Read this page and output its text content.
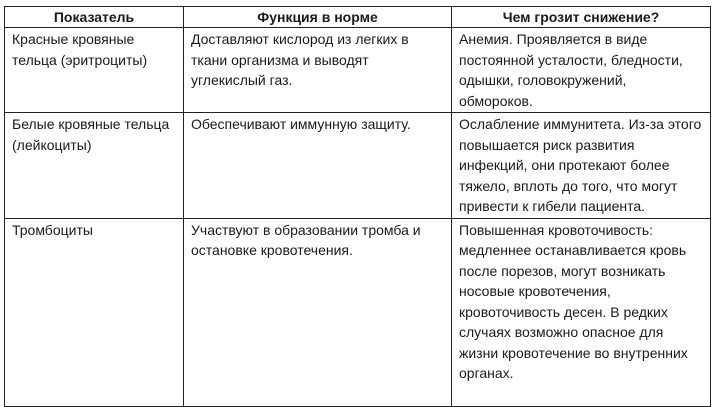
Показатель	Функция в норме	Чем грозит снижение?
Красные кровяные тельца (эритроциты)	Доставляют кислород из легких в ткани организма и выводят углекислый газ.	Анемия. Проявляется в виде постоянной усталости, бледности, одышки, головокружений, обмороков.
Белые кровяные тельца (лейкоциты)	Обеспечивают иммунную защиту.	Ослабление иммунитета. Из-за этого повышается риск развития инфекций, они протекают более тяжело, вплоть до того, что могут привести к гибели пациента.
Тромбоциты	Участвуют в образовании тромба и остановке кровотечения.	Повышенная кровоточивость: медленнее останавливается кровь после порезов, могут возникать носовые кровотечения, кровоточивость десен. В редких случаях возможно опасное для жизни кровотечение во внутренних органах.
